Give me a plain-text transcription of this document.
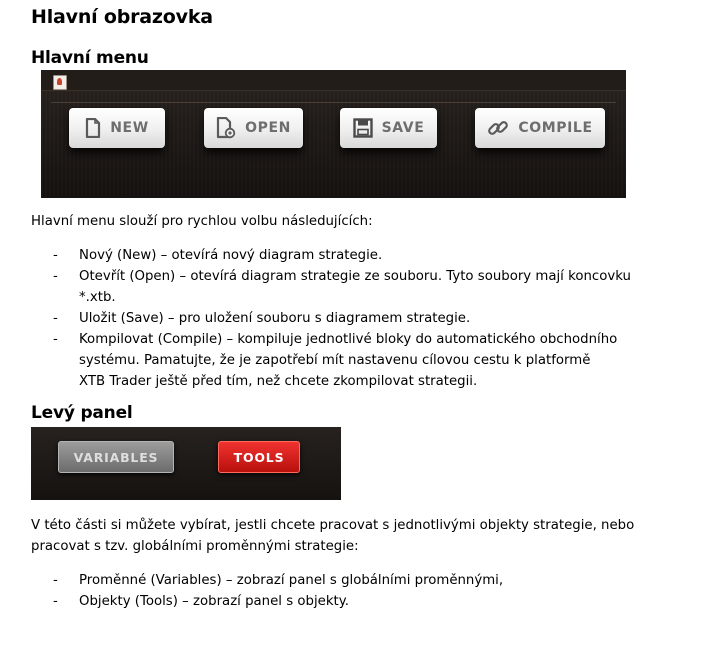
Hlavní obrazovka
Hlavní menu
NEW	OPEN	SAVE	COMPILE

Hlavní menu slouží pro rychlou volbu následujících:

- Nový (New) – otevírá nový diagram strategie.
- Otevřít (Open) – otevírá diagram strategie ze souboru. Tyto soubory mají koncovku
*.xtb.
- Uložit (Save) – pro uložení souboru s diagramem strategie.
- Kompilovat (Compile) – kompiluje jednotlivé bloky do automatického obchodního
systému. Pamatujte, že je zapotřebí mít nastavenu cílovou cestu k platformě
XTB Trader ještě před tím, než chcete zkompilovat strategii.
Levý panel
VARIABLES	TOOLS

V této části si můžete vybírat, jestli chcete pracovat s jednotlivými objekty strategie, nebo
pracovat s tzv. globálními proměnnými strategie:

- Proměnné (Variables) – zobrazí panel s globálními proměnnými,
- Objekty (Tools) – zobrazí panel s objekty.
